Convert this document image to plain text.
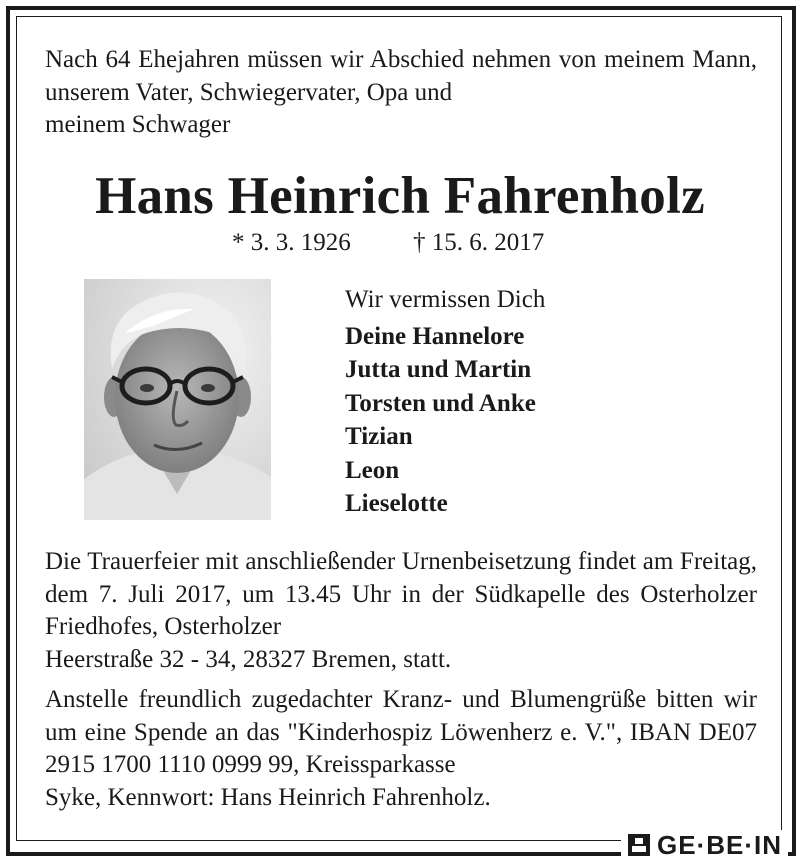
Nach 64 Ehejahren müssen wir Abschied nehmen von meinem Mann, unserem Vater, Schwiegervater, Opa und
meinem Schwager
Hans Heinrich Fahrenholz
* 3. 3. 1926 † 15. 6. 2017
Wir vermissen Dich
Deine Hannelore
Jutta und Martin
Torsten und Anke
Tizian
Leon
Lieselotte
Die Trauerfeier mit anschließender Urnenbeisetzung findet am Freitag, dem 7. Juli 2017, um 13.45 Uhr in der Südkapelle des Osterholzer Friedhofes, Osterholzer
Heerstraße 32 - 34, 28327 Bremen, statt.
Anstelle freundlich zugedachter Kranz- und Blumengrüße bitten wir um eine Spende an das "Kinderhospiz Löwenherz e. V.", IBAN DE07 2915 1700 1110 0999 99, Kreissparkasse
Syke, Kennwort: Hans Heinrich Fahrenholz.
GE·BE·IN
